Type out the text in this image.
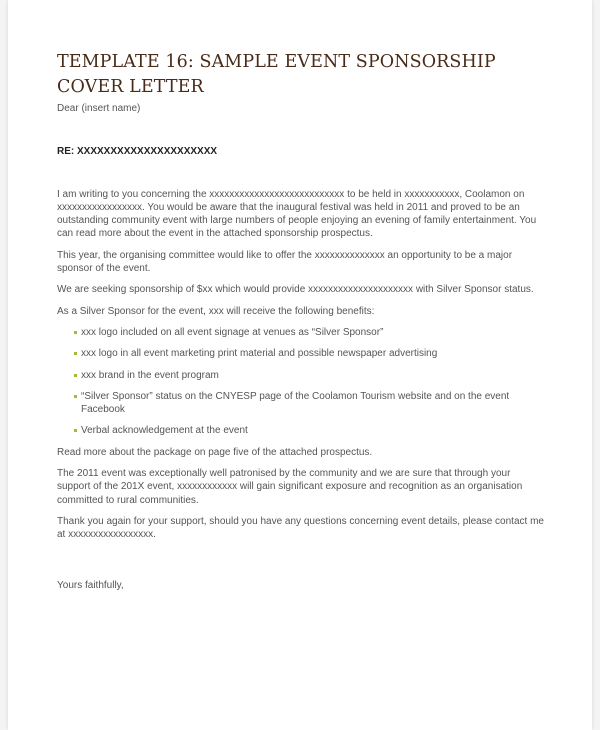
TEMPLATE 16: SAMPLE EVENT SPONSORSHIP
COVER LETTER
Dear (insert name)
RE: XXXXXXXXXXXXXXXXXXXXX
I am writing to you concerning the xxxxxxxxxxxxxxxxxxxxxxxxxxx to be held in xxxxxxxxxxx, Coolamon on
xxxxxxxxxxxxxxxxx. You would be aware that the inaugural festival was held in 2011 and proved to be an
outstanding community event with large numbers of people enjoying an evening of family entertainment. You
can read more about the event in the attached sponsorship prospectus.
This year, the organising committee would like to offer the xxxxxxxxxxxxxx an opportunity to be a major
sponsor of the event.
We are seeking sponsorship of $xx which would provide xxxxxxxxxxxxxxxxxxxxx with Silver Sponsor status.
As a Silver Sponsor for the event, xxx will receive the following benefits:
xxx logo included on all event signage at venues as “Silver Sponsor”
xxx logo in all event marketing print material and possible newspaper advertising
xxx brand in the event program
“Silver Sponsor” status on the CNYESP page of the Coolamon Tourism website and on the event
Facebook
Verbal acknowledgement at the event
Read more about the package on page five of the attached prospectus.
The 2011 event was exceptionally well patronised by the community and we are sure that through your
support of the 201X event, xxxxxxxxxxxx will gain significant exposure and recognition as an organisation
committed to rural communities.
Thank you again for your support, should you have any questions concerning event details, please contact me
at xxxxxxxxxxxxxxxxx.
Yours faithfully,
